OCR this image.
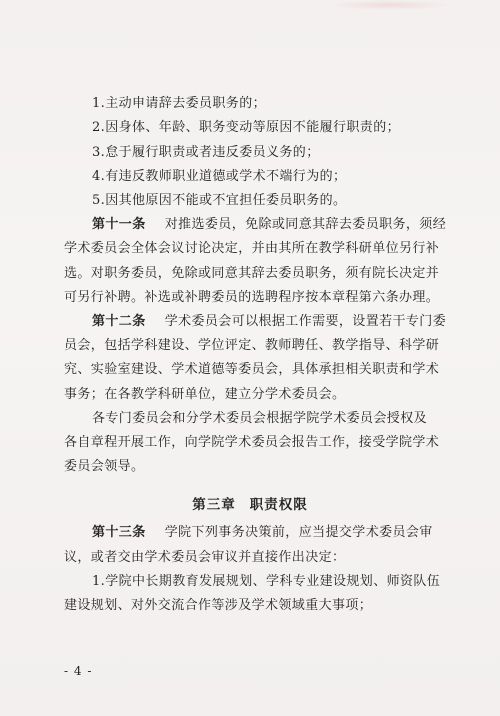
1.主动申请辞去委员职务的；
2.因身体、年龄、职务变动等原因不能履行职责的；
3.怠于履行职责或者违反委员义务的；
4.有违反教师职业道德或学术不端行为的；
5.因其他原因不能或不宜担任委员职务的。
第十一条 对推选委员，免除或同意其辞去委员职务，须经
学术委员会全体会议讨论决定，并由其所在教学科研单位另行补
选。对职务委员，免除或同意其辞去委员职务，须有院长决定并
可另行补聘。补选或补聘委员的选聘程序按本章程第六条办理。
第十二条 学术委员会可以根据工作需要，设置若干专门委
员会，包括学科建设、学位评定、教师聘任、教学指导、科学研
究、实验室建设、学术道德等委员会，具体承担相关职责和学术
事务；在各教学科研单位，建立分学术委员会。
各专门委员会和分学术委员会根据学院学术委员会授权及
各自章程开展工作，向学院学术委员会报告工作，接受学院学术
委员会领导。
第三章 职责权限
第十三条 学院下列事务决策前，应当提交学术委员会审
议，或者交由学术委员会审议并直接作出决定：
1.学院中长期教育发展规划、学科专业建设规划、师资队伍
建设规划、对外交流合作等涉及学术领域重大事项；
- 4 -
